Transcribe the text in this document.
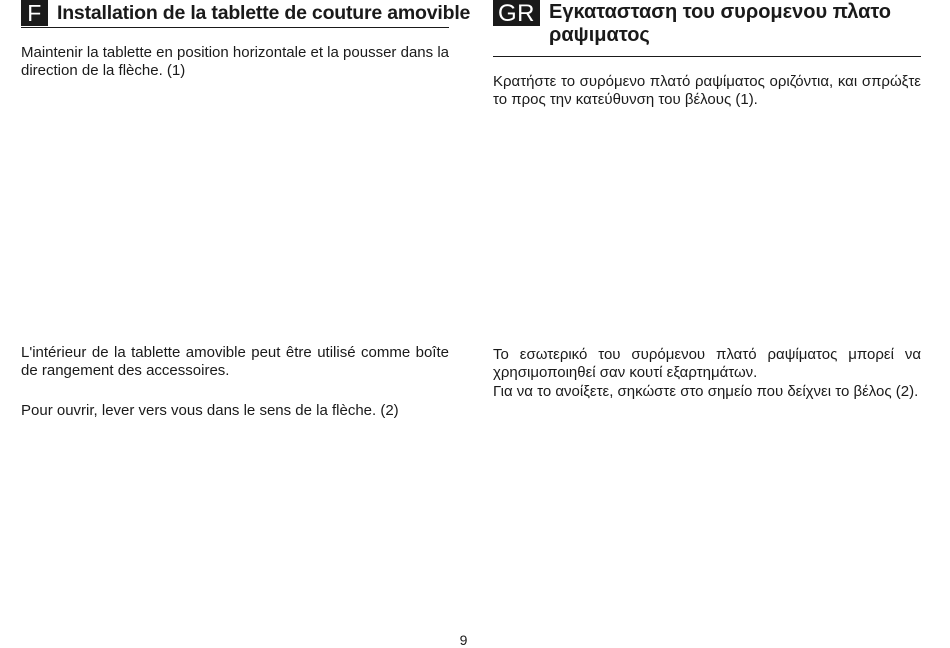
F Installation de la tablette de couture amovible

Maintenir la tablette en position horizontale et la pousser dans la direction de la flèche. (1)

L'intérieur de la tablette amovible peut être utilisé comme boîte de rangement des accessoires.

Pour ouvrir, lever vers vous dans le sens de la flèche. (2)

GR Εγκατασταση του συρομενου πλατο ραψιματος

Κρατήστε το συρόμενο πλατό ραψίματος οριζόντια, και σπρώξτε το προς την κατεύθυνση του βέλους (1).

Το εσωτερικό του συρόμενου πλατό ραψίματος μπορεί να χρησιμοποιηθεί σαν κουτί εξαρτημάτων.

Για να το ανοίξετε, σηκώστε στο σημείο που δείχνει το βέλος (2).

9
